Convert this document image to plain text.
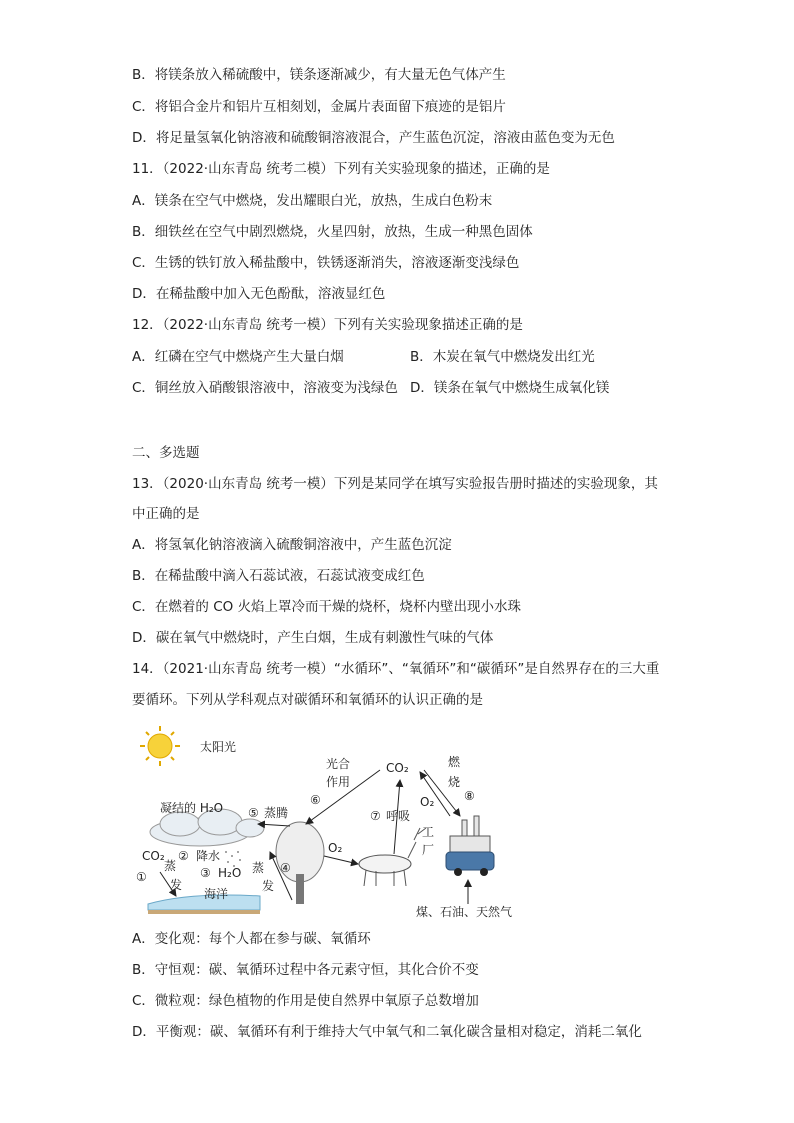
B．将镁条放入稀硫酸中，镁条逐渐减少，有大量无色气体产生
C．将铝合金片和铝片互相刻划，金属片表面留下痕迹的是铝片
D．将足量氢氧化钠溶液和硫酸铜溶液混合，产生蓝色沉淀，溶液由蓝色变为无色
11．（2022·山东青岛 统考二模）下列有关实验现象的描述，正确的是
A．镁条在空气中燃烧，发出耀眼白光，放热，生成白色粉末
B．细铁丝在空气中剧烈燃烧，火星四射，放热，生成一种黑色固体
C．生锈的铁钉放入稀盐酸中，铁锈逐渐消失，溶液逐渐变浅绿色
D．在稀盐酸中加入无色酚酞，溶液显红色
12．（2022·山东青岛 统考一模）下列有关实验现象描述正确的是
A．红磷在空气中燃烧产生大量白烟	B．木炭在氧气中燃烧发出红光
C．铜丝放入硝酸银溶液中，溶液变为浅绿色 D．镁条在氧气中燃烧生成氧化镁
二、多选题
13．（2020·山东青岛 统考一模）下列是某同学在填写实验报告册时描述的实验现象，其
中正确的是
A．将氢氧化钠溶液滴入硫酸铜溶液中，产生蓝色沉淀
B．在稀盐酸中滴入石蕊试液，石蕊试液变成红色
C．在燃着的 CO 火焰上罩冷而干燥的烧杯，烧杯内壁出现小水珠
D．碳在氧气中燃烧时，产生白烟，生成有刺激性气味的气体
14．（2021·山东青岛 统考一模）“水循环”、“氧循环”和“碳循环”是自然界存在的三大重
要循环。下列从学科观点对碳循环和氧循环的认识正确的是
太阳光
凝结的 H₂O ⑤ 蒸腾
CO₂ ② 降水
蒸
发
①	③ H₂O
海洋
蒸
发
④
O₂
工
厂
光合
作用
CO₂	燃
烧
⑧
⑥
⑦ 呼吸
O₂
煤、石油、天然气
A．变化观：每个人都在参与碳、氧循环
B．守恒观：碳、氧循环过程中各元素守恒，其化合价不变
C．微粒观：绿色植物的作用是使自然界中氧原子总数增加
D．平衡观：碳、氧循环有利于维持大气中氧气和二氧化碳含量相对稳定，消耗二氧化
